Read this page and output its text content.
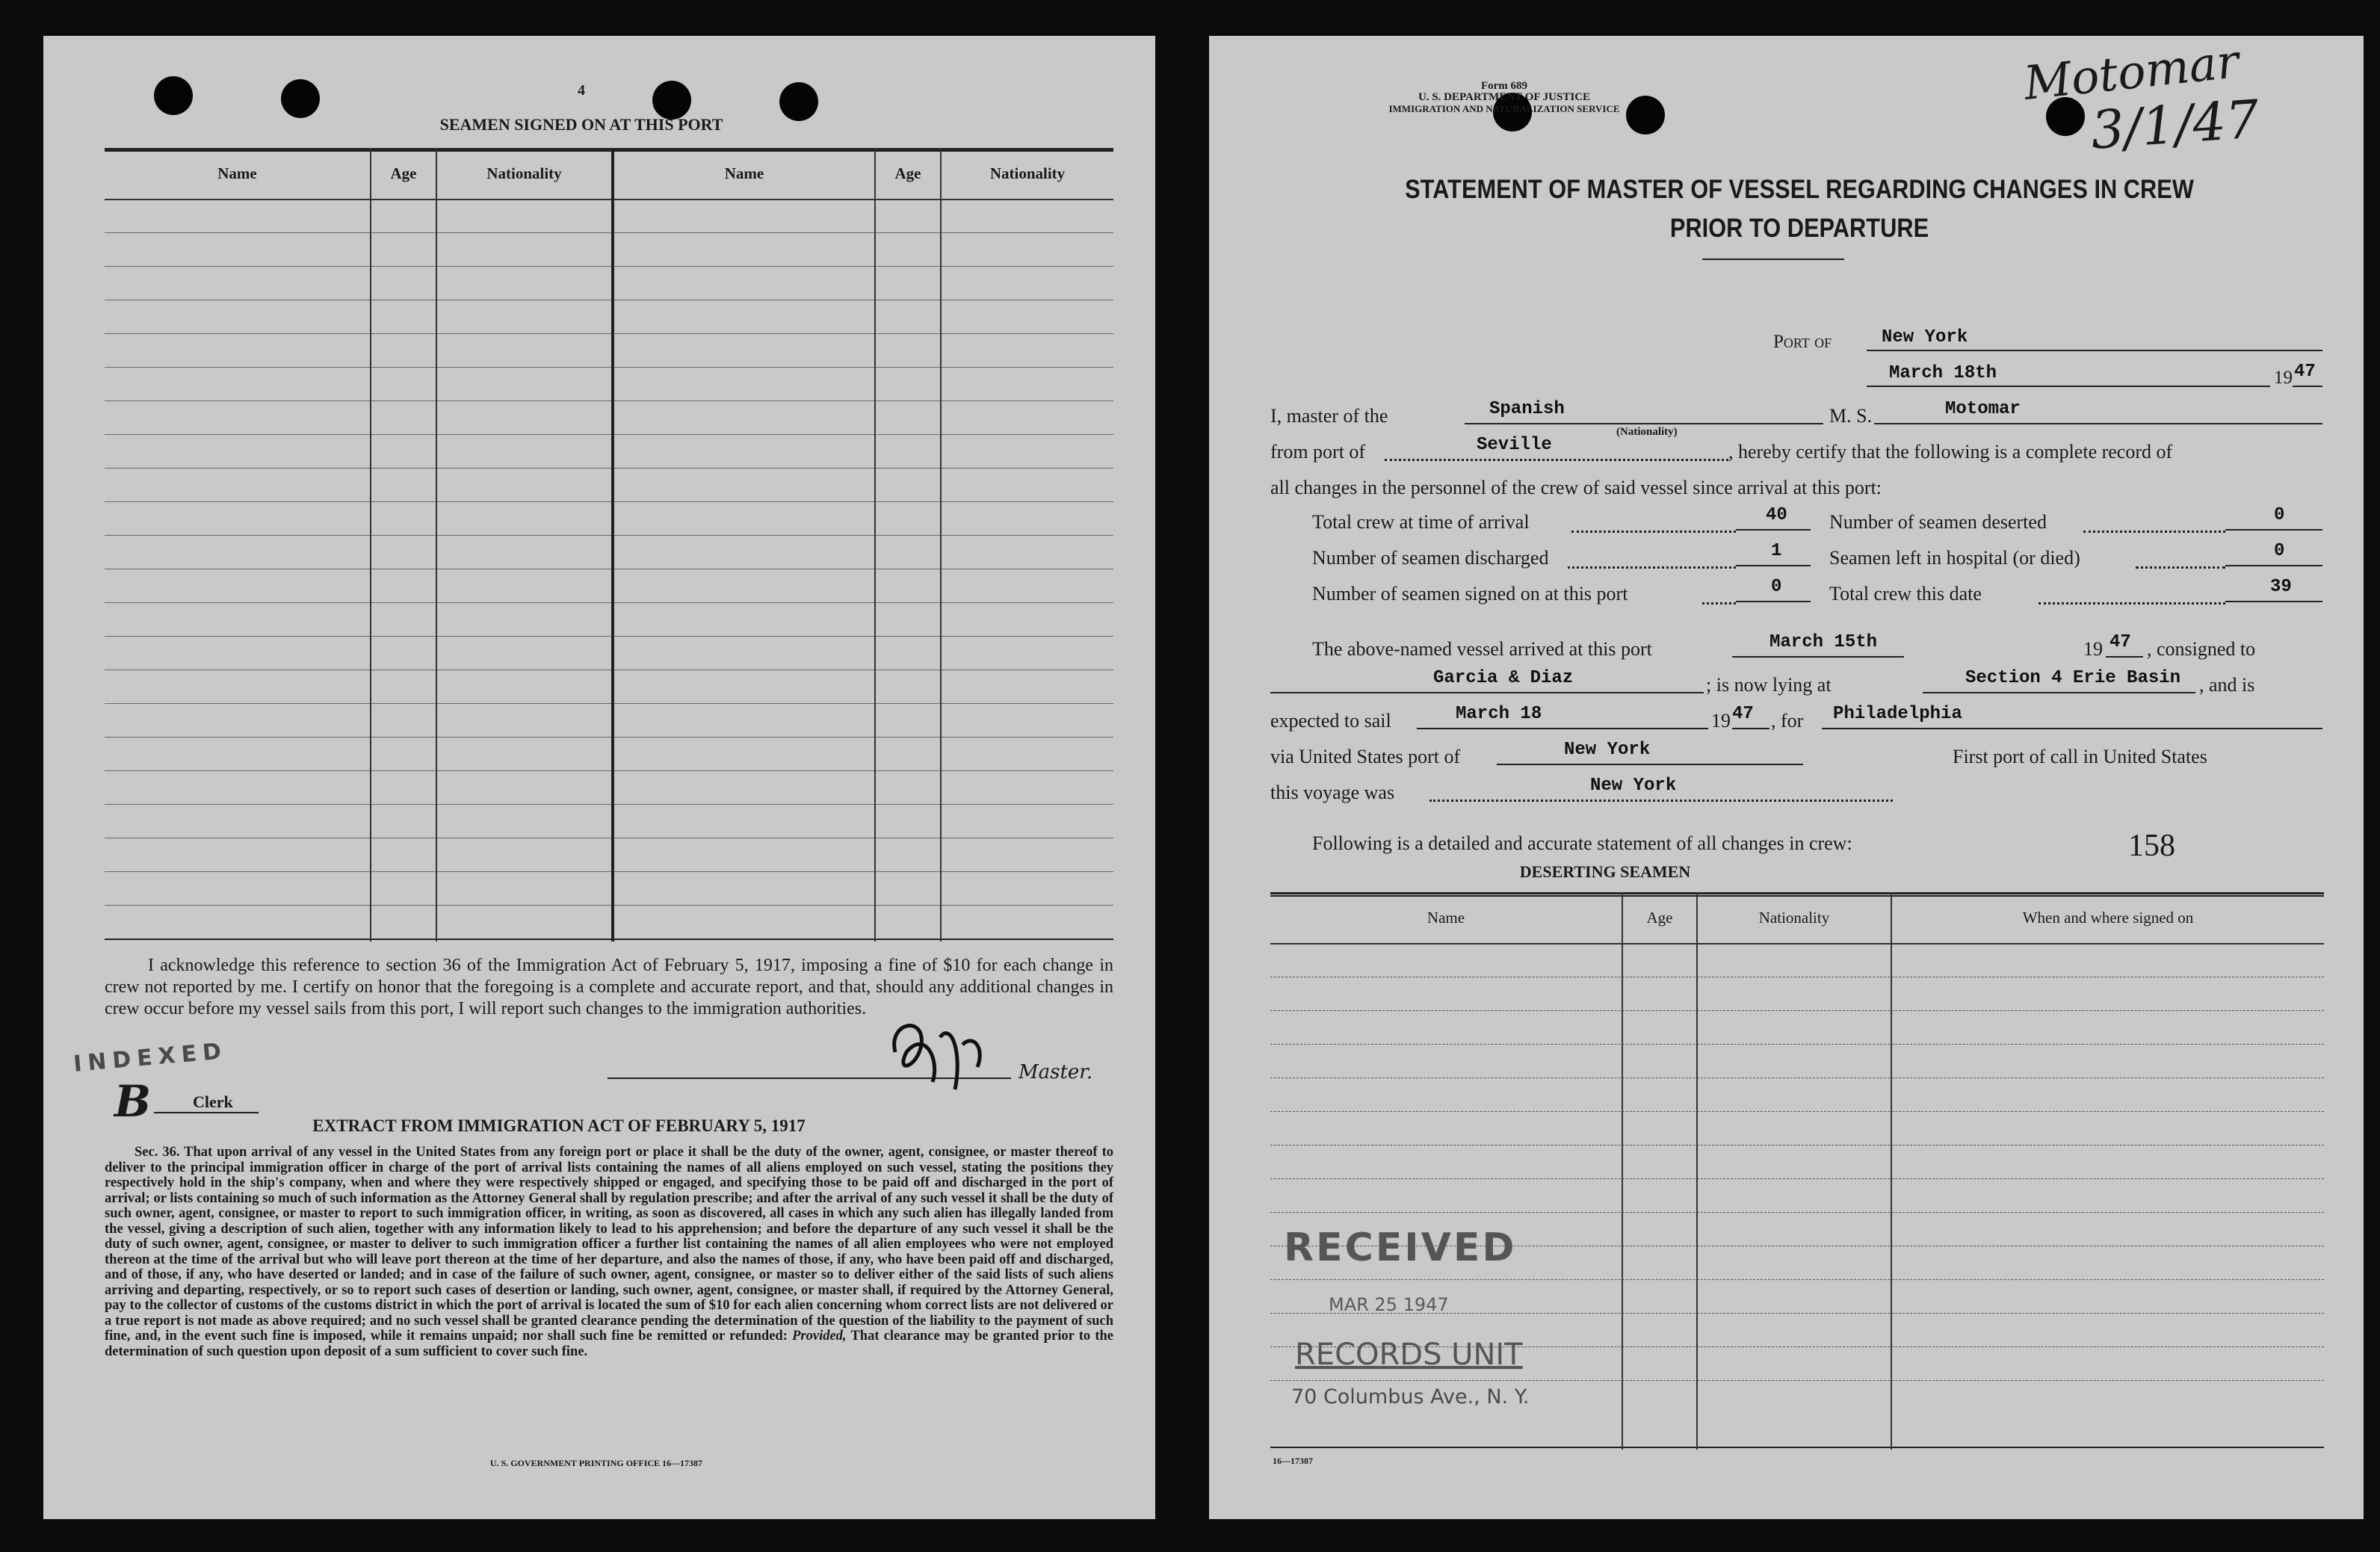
4
SEAMEN SIGNED ON AT THIS PORT
Name	Age	Nationality	Name	Age	Nationality
I acknowledge this reference to section 36 of the Immigration Act of February 5, 1917, imposing a fine of $10 for each change in crew not reported by me. I certify on honor that the foregoing is a complete and accurate report, and that, should any additional changes in crew occur before my vessel sails from this port, I will report such changes to the immigration authorities.
INDEXED
B	Clerk
Master.
EXTRACT FROM IMMIGRATION ACT OF FEBRUARY 5, 1917
Sec. 36. That upon arrival of any vessel in the United States from any foreign port or place it shall be the duty of the owner, agent, consignee, or master thereof to deliver to the principal immigration officer in charge of the port of arrival lists containing the names of all aliens employed on such vessel, stating the positions they respectively hold in the ship's company, when and where they were respectively shipped or engaged, and specifying those to be paid off and discharged in the port of arrival; or lists containing so much of such information as the Attorney General shall by regulation prescribe; and after the arrival of any such vessel it shall be the duty of such owner, agent, consignee, or master to report to such immigration officer, in writing, as soon as discovered, all cases in which any such alien has illegally landed from the vessel, giving a description of such alien, together with any information likely to lead to his apprehension; and before the departure of any such vessel it shall be the duty of such owner, agent, consignee, or master to deliver to such immigration officer a further list containing the names of all alien employees who were not employed thereon at the time of the arrival but who will leave port thereon at the time of her departure, and also the names of those, if any, who have been paid off and discharged, and of those, if any, who have deserted or landed; and in case of the failure of such owner, agent, consignee, or master so to deliver either of the said lists of such aliens arriving and departing, respectively, or so to report such cases of desertion or landing, such owner, agent, consignee, or master shall, if required by the Attorney General, pay to the collector of customs of the customs district in which the port of arrival is located the sum of $10 for each alien concerning whom correct lists are not delivered or a true report is not made as above required; and no such vessel shall be granted clearance pending the determination of the question of the liability to the payment of such fine, and, in the event such fine is imposed, while it remains unpaid; nor shall such fine be remitted or refunded: Provided, That clearance may be granted prior to the determination of such question upon deposit of a sum sufficient to cover such fine.
U. S. GOVERNMENT PRINTING OFFICE 16—17387
Form 689
U. S. DEPARTMENT OF JUSTICE
IMMIGRATION AND NATURALIZATION SERVICE	Motomar
3/1/47
STATEMENT OF MASTER OF VESSEL REGARDING CHANGES IN CREW
PRIOR TO DEPARTURE
Port of	New York
March 18th	19 47
I, master of the	Spanish	M. S.	Motomar
(Nationality)
from port of	Seville	, hereby certify that the following is a complete record of
all changes in the personnel of the crew of said vessel since arrival at this port:
Total crew at time of arrival	40 Number of seamen deserted	0
Number of seamen discharged	1 Seamen left in hospital (or died)	0
Number of seamen signed on at this port	0 Total crew this date	39
The above-named vessel arrived at this port	March 15th	19 47 , consigned to
Garcia & Diaz	; is now lying at	Section 4 Erie Basin , and is
expected to sail	March 18	19 47 , for Philadelphia
via United States port of	New York	First port of call in United States
this voyage was	New York
Following is a detailed and accurate statement of all changes in crew:	158
DESERTING SEAMEN
Name	Age	Nationality	When and where signed on
RECEIVED
MAR 25 1947
RECORDS UNIT
70 Columbus Ave., N. Y.
16—17387
